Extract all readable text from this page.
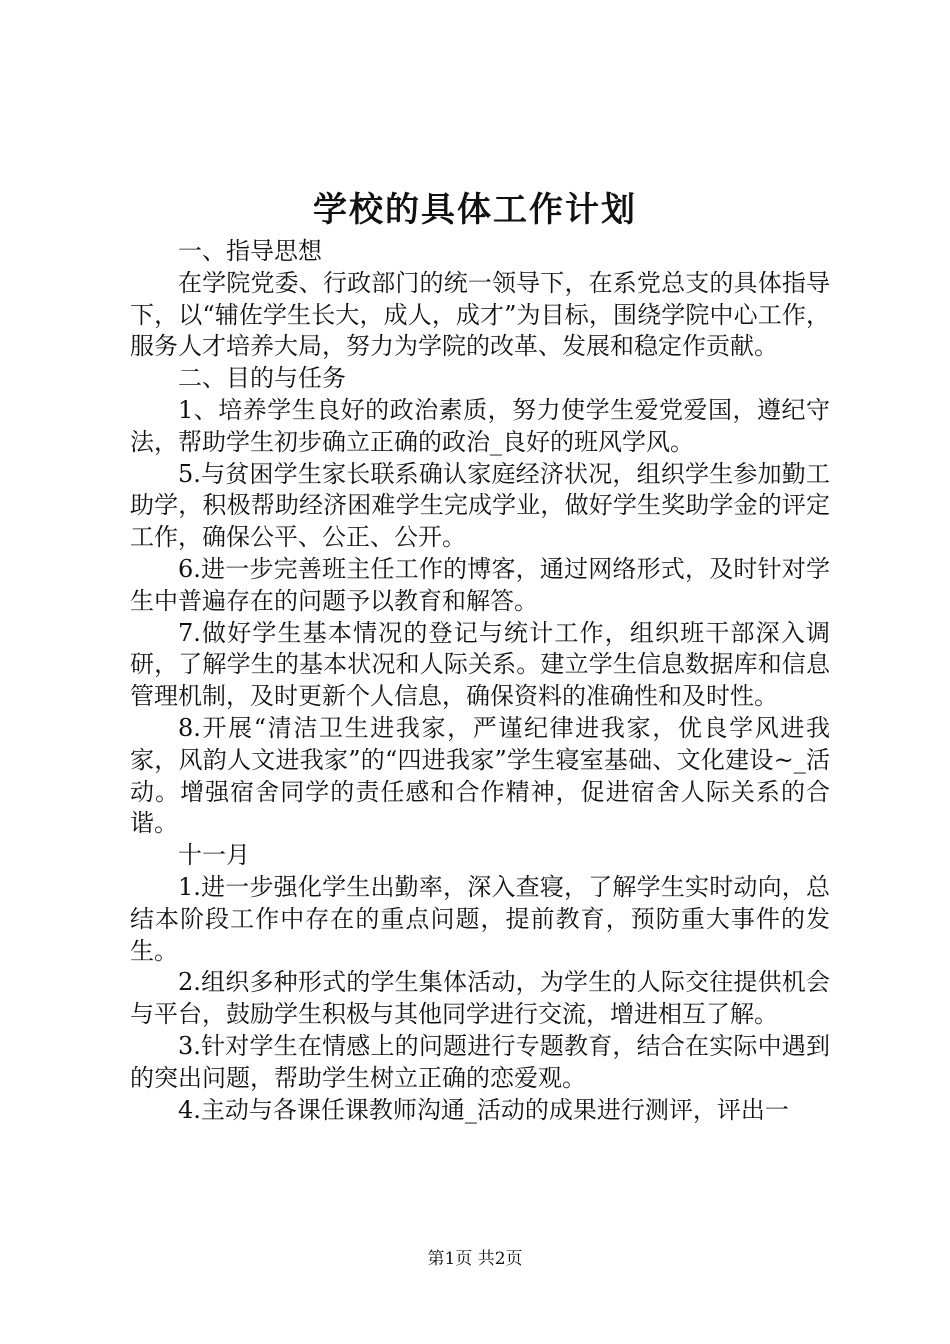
学校的具体工作计划

一、指导思想

在学院党委、行政部门的统一领导下，在系党总支的具体指导下，以“辅佐学生长大，成人，成才”为目标，围绕学院中心工作，服务人才培养大局，努力为学院的改革、发展和稳定作贡献。

二、目的与任务

1、培养学生良好的政治素质，努力使学生爱党爱国，遵纪守法，帮助学生初步确立正确的政治_良好的班风学风。

5.与贫困学生家长联系确认家庭经济状况，组织学生参加勤工助学，积极帮助经济困难学生完成学业，做好学生奖助学金的评定工作，确保公平、公正、公开。

6.进一步完善班主任工作的博客，通过网络形式，及时针对学生中普遍存在的问题予以教育和解答。

7.做好学生基本情况的登记与统计工作，组织班干部深入调研，了解学生的基本状况和人际关系。建立学生信息数据库和信息管理机制，及时更新个人信息，确保资料的准确性和及时性。

8.开展“清洁卫生进我家，严谨纪律进我家，优良学风进我家，风韵人文进我家”的“四进我家”学生寝室基础、文化建设~_活动。增强宿舍同学的责任感和合作精神，促进宿舍人际关系的合谐。

十一月

1.进一步强化学生出勤率，深入查寝，了解学生实时动向，总结本阶段工作中存在的重点问题，提前教育，预防重大事件的发生。

2.组织多种形式的学生集体活动，为学生的人际交往提供机会与平台，鼓励学生积极与其他同学进行交流，增进相互了解。

3.针对学生在情感上的问题进行专题教育，结合在实际中遇到的突出问题，帮助学生树立正确的恋爱观。

4.主动与各课任课教师沟通_活动的成果进行测评，评出一

第1页 共2页
